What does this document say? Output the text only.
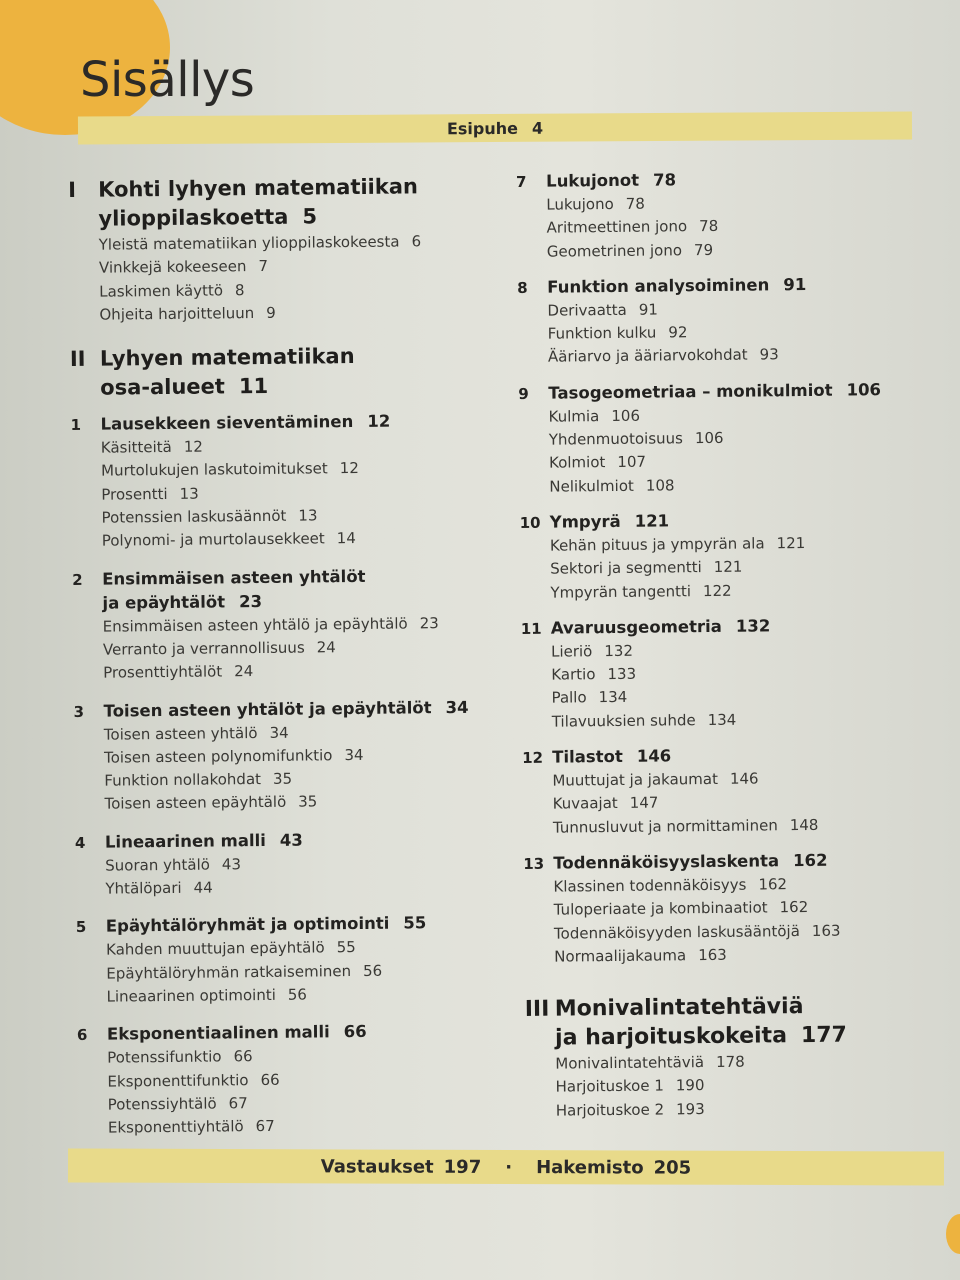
Sisällys
Esipuhe 4
I	Kohti lyhyen matematiikan
ylioppilaskoetta 5
Yleistä matematiikan ylioppilaskokeesta 6
Vinkkejä kokeeseen 7
Laskimen käyttö 8
Ohjeita harjoitteluun 9
II Lyhyen matematiikan
osa-alueet 11
1	Lausekkeen sieventäminen 12
Käsitteitä 12
Murtolukujen laskutoimitukset 12
Prosentti 13
Potenssien laskusäännöt 13
Polynomi- ja murtolausekkeet 14
2	Ensimmäisen asteen yhtälöt
ja epäyhtälöt 23
Ensimmäisen asteen yhtälö ja epäyhtälö 23
Verranto ja verrannollisuus 24
Prosenttiyhtälöt 24
3	Toisen asteen yhtälöt ja epäyhtälöt 34
Toisen asteen yhtälö 34
Toisen asteen polynomifunktio 34
Funktion nollakohdat 35
Toisen asteen epäyhtälö 35
4	Lineaarinen malli 43
Suoran yhtälö 43
Yhtälöpari 44
5	Epäyhtälöryhmät ja optimointi 55
Kahden muuttujan epäyhtälö 55
Epäyhtälöryhmän ratkaiseminen 56
Lineaarinen optimointi 56
6	Eksponentiaalinen malli 66
Potenssifunktio 66
Eksponenttifunktio 66
Potenssiyhtälö 67
Eksponenttiyhtälö 67
7	Lukujonot 78
Lukujono 78
Aritmeettinen jono 78
Geometrinen jono 79
8	Funktion analysoiminen 91
Derivaatta 91
Funktion kulku 92
Ääriarvo ja ääriarvokohdat 93
9	Tasogeometriaa – monikulmiot 106
Kulmia 106
Yhdenmuotoisuus 106
Kolmiot 107
Nelikulmiot 108
10 Ympyrä 121
Kehän pituus ja ympyrän ala 121
Sektori ja segmentti 121
Ympyrän tangentti 122
11 Avaruusgeometria 132
Lieriö 132
Kartio 133
Pallo 134
Tilavuuksien suhde 134
12 Tilastot 146
Muuttujat ja jakaumat 146
Kuvaajat 147
Tunnusluvut ja normittaminen 148
13 Todennäköisyyslaskenta 162
Klassinen todennäköisyys 162
Tuloperiaate ja kombinaatiot 162
Todennäköisyyden laskusääntöjä 163
Normaalijakauma 163
III Monivalintatehtäviä
ja harjoituskokeita 177
Monivalintatehtäviä 178
Harjoituskoe 1 190
Harjoituskoe 2 193
Vastaukset 197 · Hakemisto 205
